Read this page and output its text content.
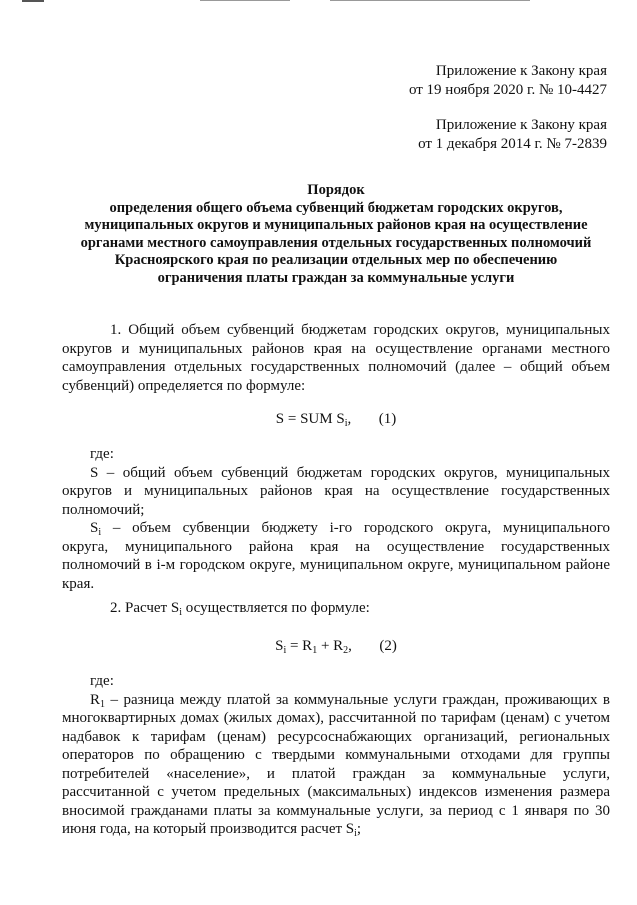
Приложение к Закону края
от 19 ноября 2020 г. № 10-4427
Приложение к Закону края
от 1 декабря 2014 г. № 7-2839
Порядок
определения общего объема субвенций бюджетам городских округов,
муниципальных округов и муниципальных районов края на осуществление
органами местного самоуправления отдельных государственных полномочий
Красноярского края по реализации отдельных мер по обеспечению
ограничения платы граждан за коммунальные услуги
1. Общий объем субвенций бюджетам городских округов, муниципальных
округов и муниципальных районов края на осуществление органами местного
самоуправления отдельных государственных полномочий (далее – общий объем
субвенций) определяется по формуле:
S = SUM $S_i$, (1)
где:
S – общий объем субвенций бюджетам городских округов, муниципальных
округов и муниципальных районов края на осуществление государственных
полномочий;
$S_i$ – объем субвенции бюджету i-го городского округа, муниципального
округа, муниципального района края на осуществление государственных
полномочий в i-м городском округе, муниципальном округе, муниципальном районе
края.
2. Расчет $S_i$ осуществляется по формуле:
$S_i = R_1 + R_2$, (2)
где:
$R_1$ – разница между платой за коммунальные услуги граждан, проживающих в
многоквартирных домах (жилых домах), рассчитанной по тарифам (ценам) с учетом
надбавок к тарифам (ценам) ресурсоснабжающих организаций, региональных
операторов по обращению с твердыми коммунальными отходами для группы
потребителей «население», и платой граждан за коммунальные услуги,
рассчитанной с учетом предельных (максимальных) индексов изменения размера
вносимой гражданами платы за коммунальные услуги, за период с 1 января по 30
июня года, на который производится расчет $S_i$;
